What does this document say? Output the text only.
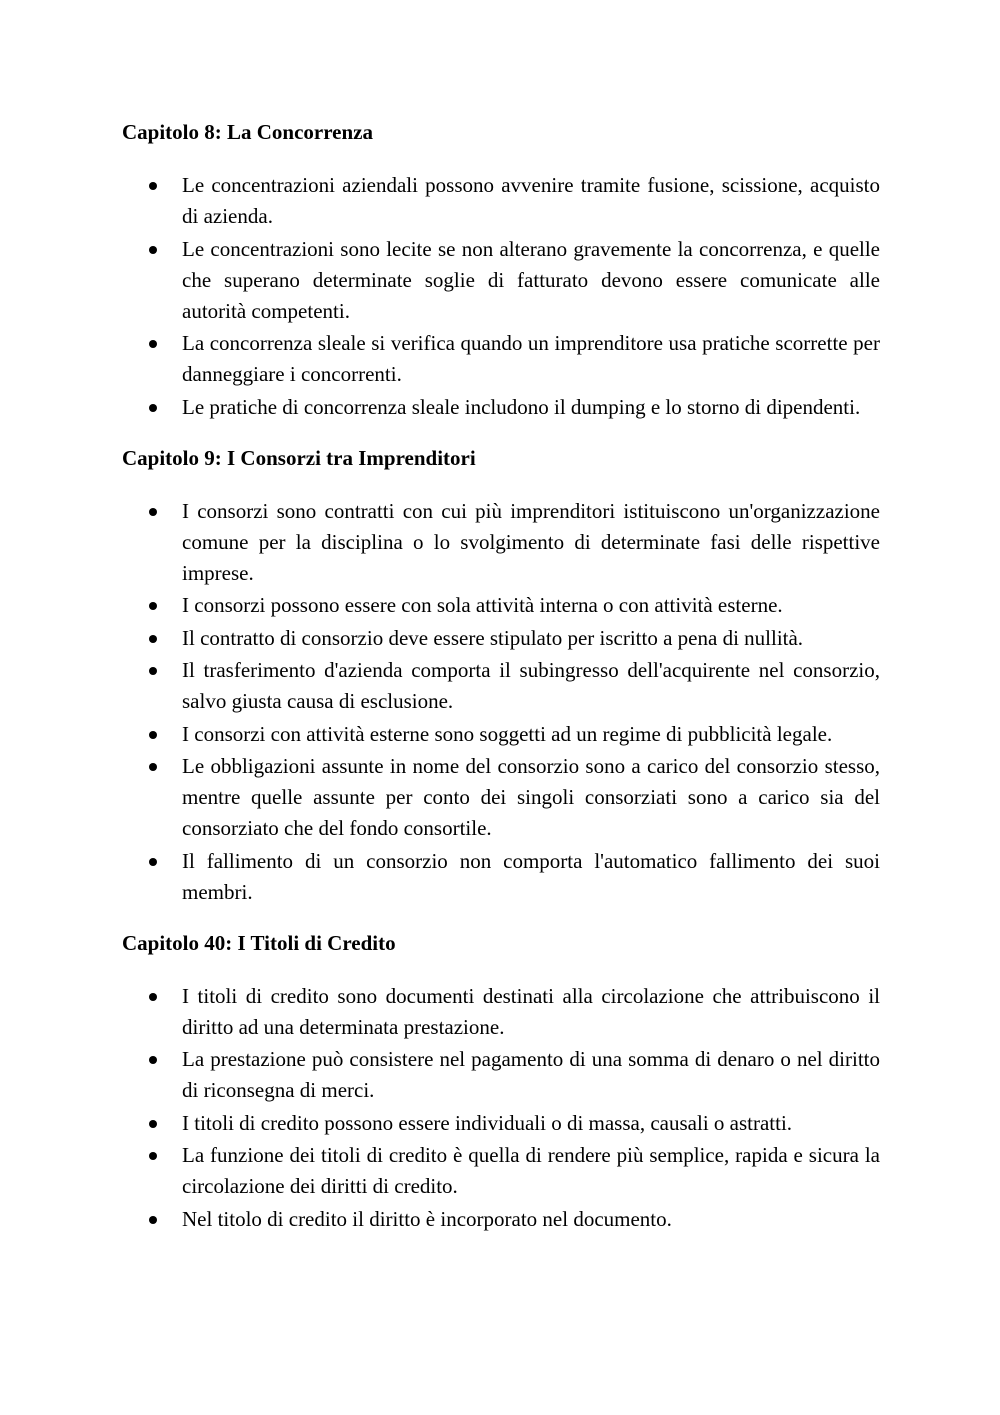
Capitolo 8: La Concorrenza
Le concentrazioni aziendali possono avvenire tramite fusione, scissione, acquisto di azienda.
Le concentrazioni sono lecite se non alterano gravemente la concorrenza, e quelle che superano determinate soglie di fatturato devono essere comunicate alle autorità competenti.
La concorrenza sleale si verifica quando un imprenditore usa pratiche scorrette per danneggiare i concorrenti.
Le pratiche di concorrenza sleale includono il dumping e lo storno di dipendenti.
Capitolo 9: I Consorzi tra Imprenditori
I consorzi sono contratti con cui più imprenditori istituiscono un'organizzazione comune per la disciplina o lo svolgimento di determinate fasi delle rispettive imprese.
I consorzi possono essere con sola attività interna o con attività esterne.
Il contratto di consorzio deve essere stipulato per iscritto a pena di nullità.
Il trasferimento d'azienda comporta il subingresso dell'acquirente nel consorzio, salvo giusta causa di esclusione.
I consorzi con attività esterne sono soggetti ad un regime di pubblicità legale.
Le obbligazioni assunte in nome del consorzio sono a carico del consorzio stesso, mentre quelle assunte per conto dei singoli consorziati sono a carico sia del consorziato che del fondo consortile.
Il fallimento di un consorzio non comporta l'automatico fallimento dei suoi membri.
Capitolo 40: I Titoli di Credito
I titoli di credito sono documenti destinati alla circolazione che attribuiscono il diritto ad una determinata prestazione.
La prestazione può consistere nel pagamento di una somma di denaro o nel diritto di riconsegna di merci.
I titoli di credito possono essere individuali o di massa, causali o astratti.
La funzione dei titoli di credito è quella di rendere più semplice, rapida e sicura la circolazione dei diritti di credito.
Nel titolo di credito il diritto è incorporato nel documento.
